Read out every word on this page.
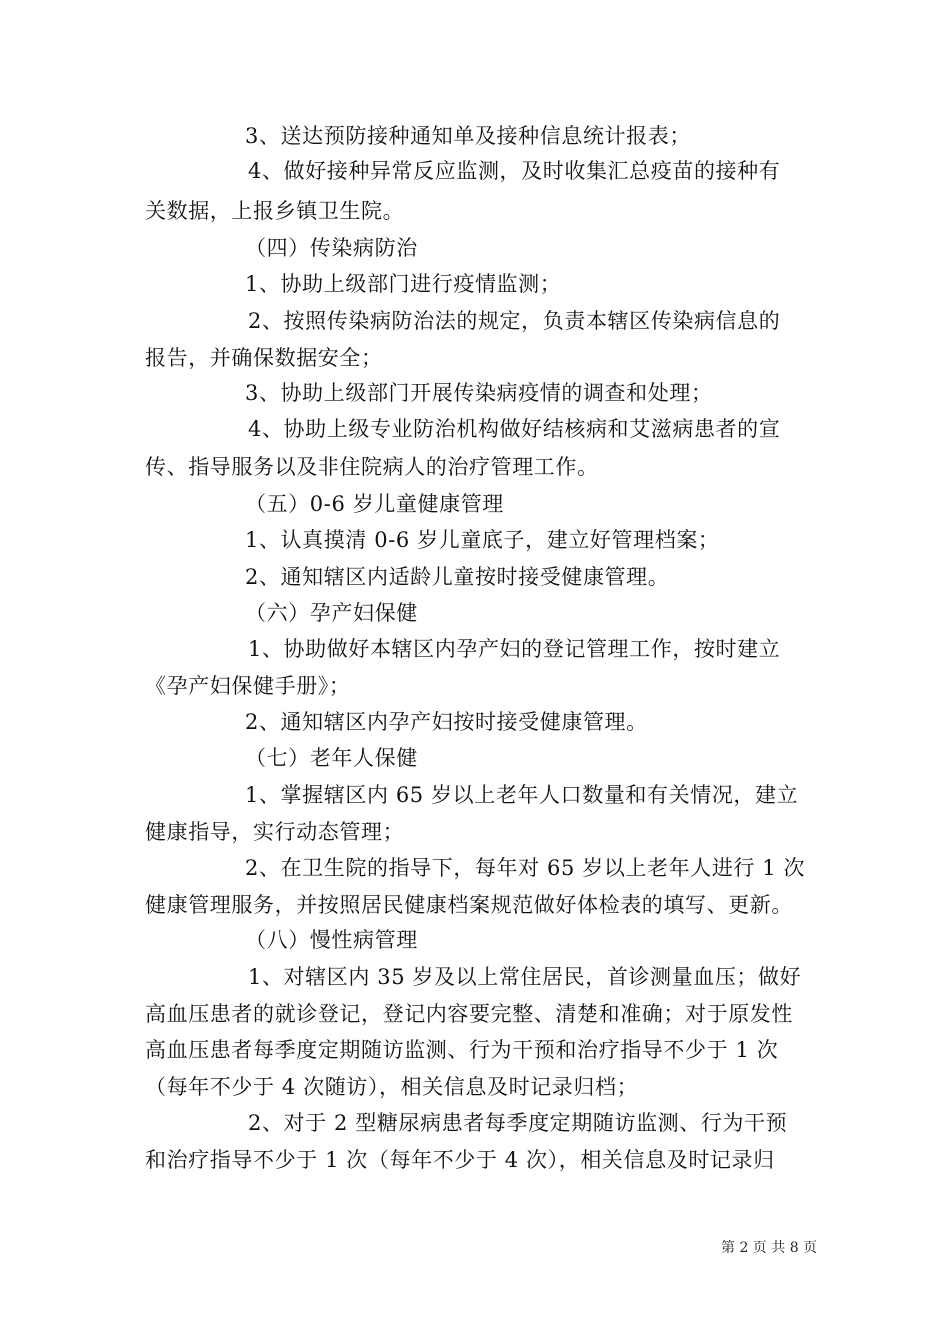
3、送达预防接种通知单及接种信息统计报表；
4、做好接种异常反应监测，及时收集汇总疫苗的接种有
关数据，上报乡镇卫生院。
（四）传染病防治
1、协助上级部门进行疫情监测；
2、按照传染病防治法的规定，负责本辖区传染病信息的
报告，并确保数据安全；
3、协助上级部门开展传染病疫情的调查和处理；
4、协助上级专业防治机构做好结核病和艾滋病患者的宣
传、指导服务以及非住院病人的治疗管理工作。
（五）0-6 岁儿童健康管理
1、认真摸清 0-6 岁儿童底子，建立好管理档案；
2、通知辖区内适龄儿童按时接受健康管理。
（六）孕产妇保健
1、协助做好本辖区内孕产妇的登记管理工作，按时建立
《孕产妇保健手册》；
2、通知辖区内孕产妇按时接受健康管理。
（七）老年人保健
1、掌握辖区内 65 岁以上老年人口数量和有关情况，建立
健康指导，实行动态管理；
2、在卫生院的指导下，每年对 65 岁以上老年人进行 1 次
健康管理服务，并按照居民健康档案规范做好体检表的填写、更新。
（八）慢性病管理
1、对辖区内 35 岁及以上常住居民，首诊测量血压；做好
高血压患者的就诊登记，登记内容要完整、清楚和准确；对于原发性
高血压患者每季度定期随访监测、行为干预和治疗指导不少于 1 次
（每年不少于 4 次随访），相关信息及时记录归档；
2、对于 2 型糖尿病患者每季度定期随访监测、行为干预
和治疗指导不少于 1 次（每年不少于 4 次），相关信息及时记录归
第 2 页 共 8 页
